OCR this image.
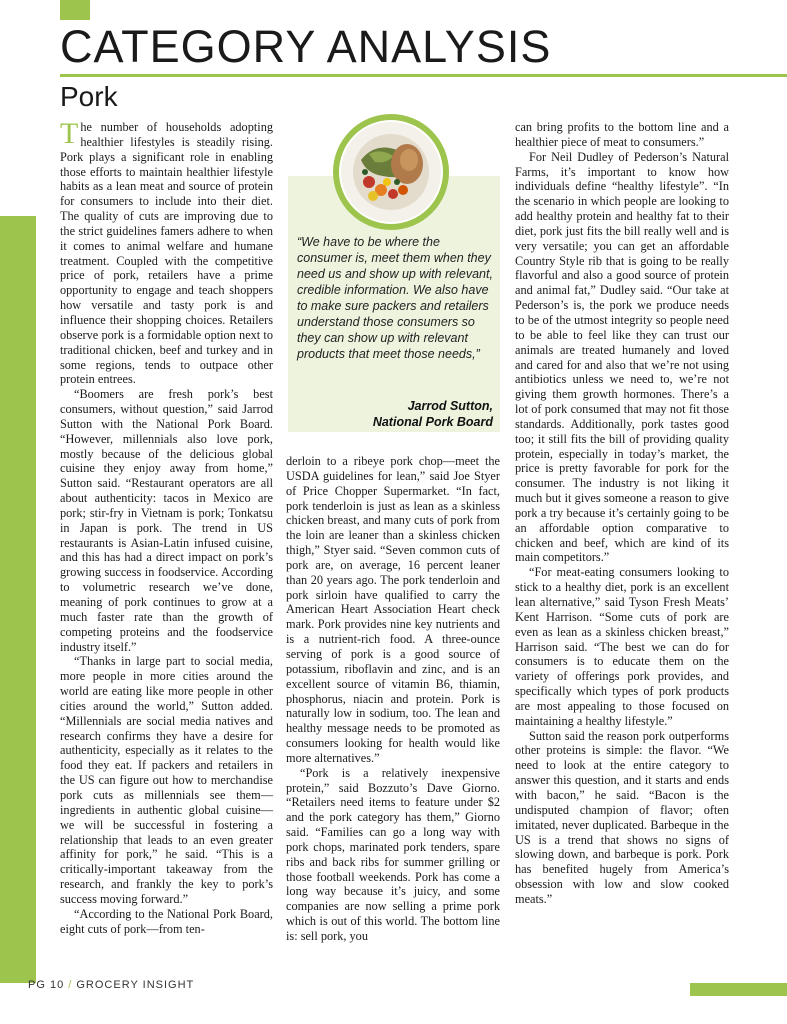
CATEGORY ANALYSIS
Pork

The number of households adopting healthier lifestyles is steadily rising. Pork plays a significant role in enabling those efforts to maintain healthier lifestyle habits as a lean meat and source of protein for consumers to include into their diet. The quality of cuts are improving due to the strict guidelines famers adhere to when it comes to animal welfare and humane treatment. Coupled with the competitive price of pork, retailers have a prime opportunity to engage and teach shoppers how versatile and tasty pork is and influence their shopping choices. Retailers observe pork is a formidable option next to traditional chicken, beef and turkey and in some regions, tends to outpace other protein entrees.

“Boomers are fresh pork’s best consumers, without question,” said Jarrod Sutton with the National Pork Board. “However, millennials also love pork, mostly because of the delicious global cuisine they enjoy away from home,” Sutton said. “Restaurant operators are all about authenticity: tacos in Mexico are pork; stir-fry in Vietnam is pork; Tonkatsu in Japan is pork. The trend in US restaurants is Asian-Latin infused cuisine, and this has had a direct impact on pork’s growing success in foodservice. According to volumetric research we’ve done, meaning of pork continues to grow at a much faster rate than the growth of competing proteins and the foodservice industry itself.”

“Thanks in large part to social media, more people in more cities around the world are eating like more people in other cities around the world,” Sutton added. “Millennials are social media natives and research confirms they have a desire for authenticity, especially as it relates to the food they eat. If packers and retailers in the US can figure out how to merchandise pork cuts as millennials see them—ingredients in authentic global cuisine—we will be successful in fostering a relationship that leads to an even greater affinity for pork,” he said. “This is a critically-important takeaway from the research, and frankly the key to pork’s success moving forward.”

“According to the National Pork Board, eight cuts of pork—from ten-

“We have to be where the consumer is, meet them when they need us and show up with relevant, credible information. We also have to make sure packers and retailers understand those consumers so they can show up with relevant products that meet those needs,”

Jarrod Sutton,
National Pork Board

derloin to a ribeye pork chop—meet the USDA guidelines for lean,” said Joe Styer of Price Chopper Supermarket. “In fact, pork tenderloin is just as lean as a skinless chicken breast, and many cuts of pork from the loin are leaner than a skinless chicken thigh,” Styer said. “Seven common cuts of pork are, on average, 16 percent leaner than 20 years ago. The pork tenderloin and pork sirloin have qualified to carry the American Heart Association Heart check mark. Pork provides nine key nutrients and is a nutrient-rich food. A three-ounce serving of pork is a good source of potassium, riboflavin and zinc, and is an excellent source of vitamin B6, thiamin, phosphorus, niacin and protein. Pork is naturally low in sodium, too. The lean and healthy message needs to be promoted as consumers looking for health would like more alternatives.”

“Pork is a relatively inexpensive protein,” said Bozzuto’s Dave Giorno. “Retailers need items to feature under $2 and the pork category has them,” Giorno said. “Families can go a long way with pork chops, marinated pork tenders, spare ribs and back ribs for summer grilling or those football weekends. Pork has come a long way because it’s juicy, and some companies are now selling a prime pork which is out of this world. The bottom line is: sell pork, you

can bring profits to the bottom line and a healthier piece of meat to consumers.”

For Neil Dudley of Pederson’s Natural Farms, it’s important to know how individuals define “healthy lifestyle”. “In the scenario in which people are looking to add healthy protein and healthy fat to their diet, pork just fits the bill really well and is very versatile; you can get an affordable Country Style rib that is going to be really flavorful and also a good source of protein and animal fat,” Dudley said. “Our take at Pederson’s is, the pork we produce needs to be of the utmost integrity so people need to be able to feel like they can trust our animals are treated humanely and loved and cared for and also that we’re not using antibiotics unless we need to, we’re not giving them growth hormones. There’s a lot of pork consumed that may not fit those standards. Additionally, pork tastes good too; it still fits the bill of providing quality protein, especially in today’s market, the price is pretty favorable for pork for the consumer. The industry is not liking it much but it gives someone a reason to give pork a try because it’s certainly going to be an affordable option comparative to chicken and beef, which are kind of its main competitors.”

“For meat-eating consumers looking to stick to a healthy diet, pork is an excellent lean alternative,” said Tyson Fresh Meats’ Kent Harrison. “Some cuts of pork are even as lean as a skinless chicken breast,” Harrison said. “The best we can do for consumers is to educate them on the variety of offerings pork provides, and specifically which types of pork products are most appealing to those focused on maintaining a healthy lifestyle.”

Sutton said the reason pork outperforms other proteins is simple: the flavor. “We need to look at the entire category to answer this question, and it starts and ends with bacon,” he said. “Bacon is the undisputed champion of flavor; often imitated, never duplicated. Barbeque in the US is a trend that shows no signs of slowing down, and barbeque is pork. Pork has benefited hugely from America’s obsession with low and slow cooked meats.”

PG 10 / GROCERY INSIGHT
